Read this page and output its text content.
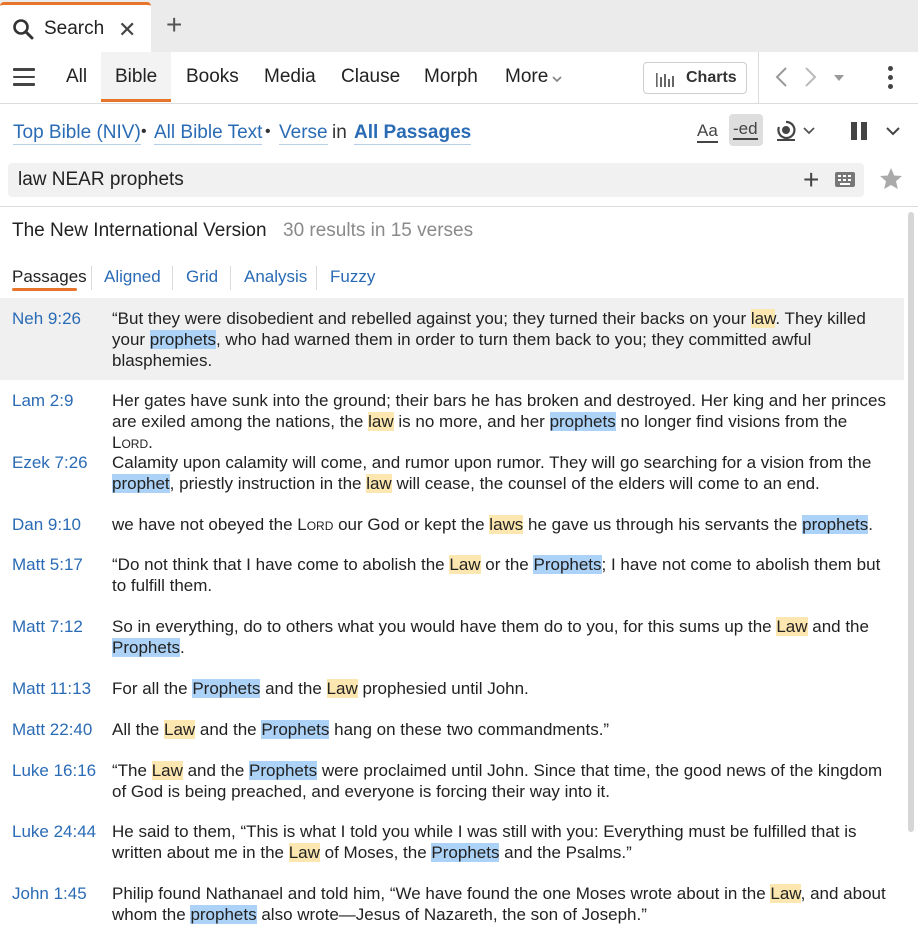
Search ✕ +
All Bible Books Media Clause Morph More	Charts
Top Bible (NIV) • All Bible Text • Verse in All Passages	Aa -ed
law NEAR prophets
+
The New International Version 30 results in 15 verses
Passages Aligned Grid Analysis Fuzzy
Neh 9:26 “But they were disobedient and rebelled against you; they turned their backs on your law. They killed your prophets, who had warned them in order to turn them back to you; they committed awful blasphemies.
Lam 2:9 Her gates have sunk into the ground; their bars he has broken and destroyed. Her king and her princes are exiled among the nations, the law is no more, and her prophets no longer find visions from the Lord.
Ezek 7:26 Calamity upon calamity will come, and rumor upon rumor. They will go searching for a vision from the prophet, priestly instruction in the law will cease, the counsel of the elders will come to an end.
Dan 9:10 we have not obeyed the Lord our God or kept the laws he gave us through his servants the prophets.
Matt 5:17 “Do not think that I have come to abolish the Law or the Prophets; I have not come to abolish them but to fulfill them.
Matt 7:12 So in everything, do to others what you would have them do to you, for this sums up the Law and the Prophets.
Matt 11:13 For all the Prophets and the Law prophesied until John.
Matt 22:40 All the Law and the Prophets hang on these two commandments.”
Luke 16:16 “The Law and the Prophets were proclaimed until John. Since that time, the good news of the kingdom of God is being preached, and everyone is forcing their way into it.
Luke 24:44 He said to them, “This is what I told you while I was still with you: Everything must be fulfilled that is written about me in the Law of Moses, the Prophets and the Psalms.”
John 1:45 Philip found Nathanael and told him, “We have found the one Moses wrote about in the Law, and about whom the prophets also wrote—Jesus of Nazareth, the son of Joseph.”
